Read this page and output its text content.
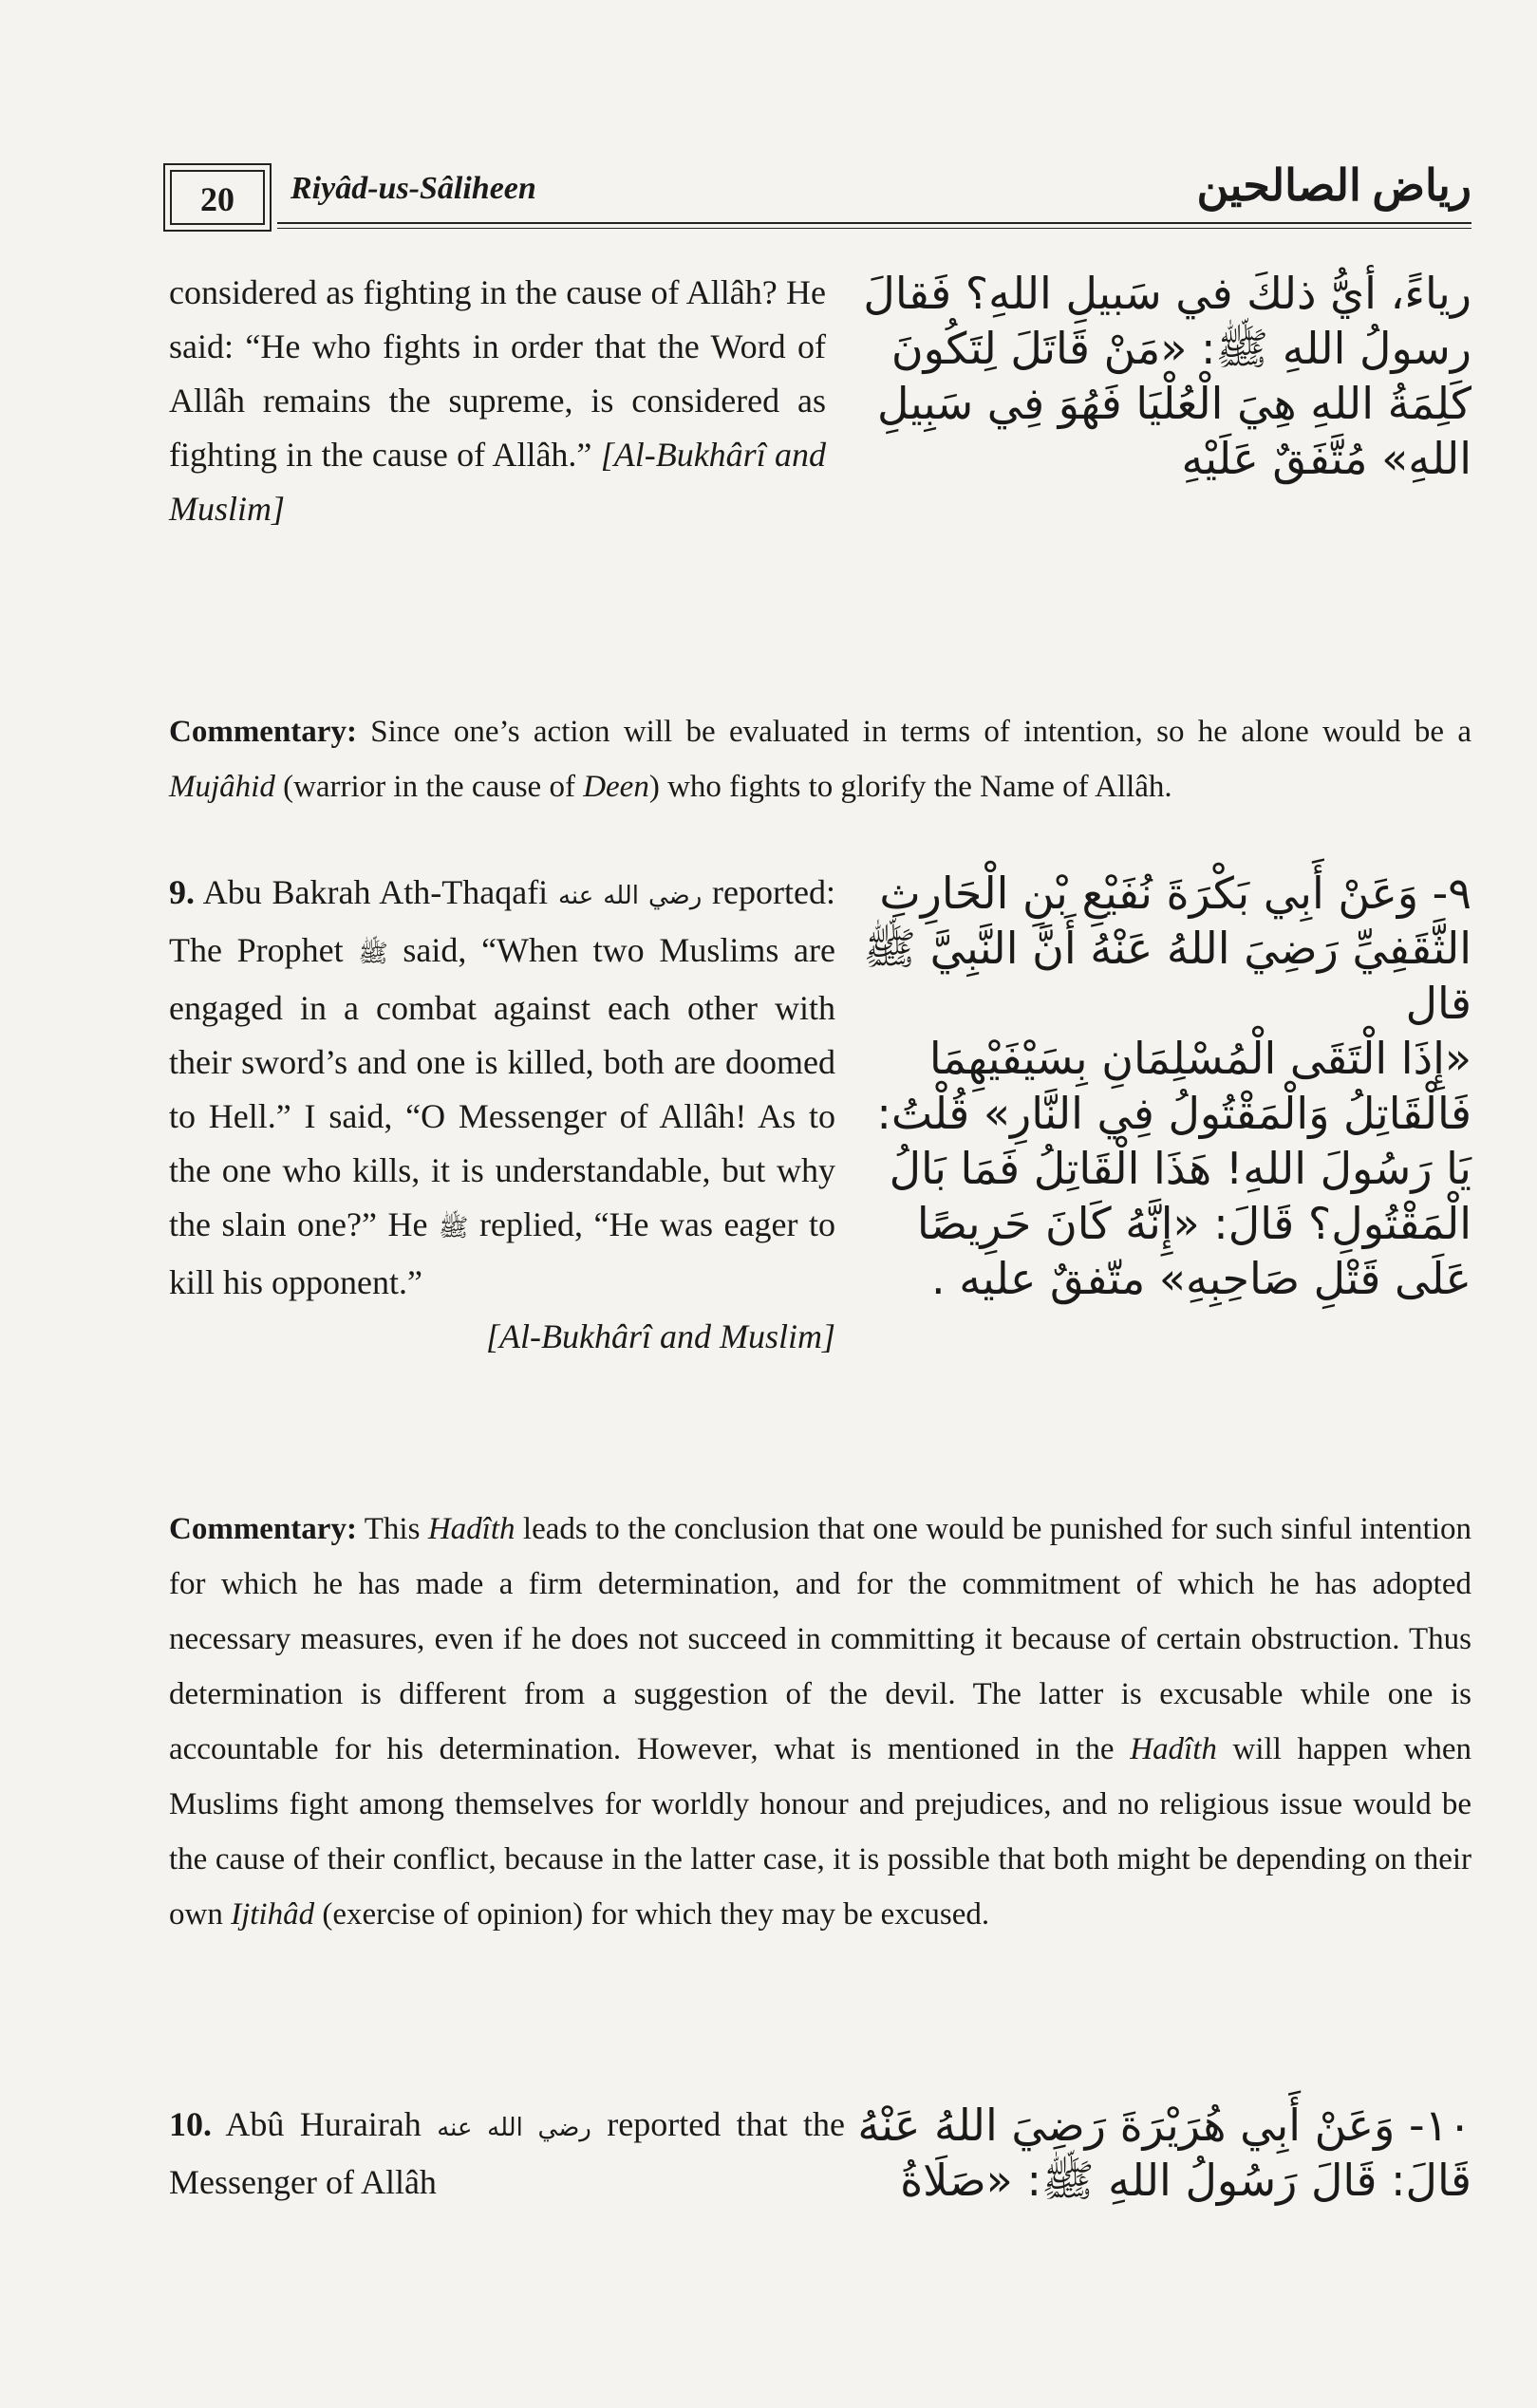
20	Riyâd-us-Sâliheen	رياض الصالحين

considered as fighting in the cause of Allâh? He said: “He who fights in order that the Word of Allâh remains the supreme, is considered as fighting in the cause of Allâh.” [Al-Bukhârî and Muslim]

رياءً، أيُّ ذلكَ في سَبيلِ اللهِ؟ فَقالَ

رسولُ اللهِ ﷺ: «مَنْ قَاتَلَ لِتَكُونَ

كَلِمَةُ اللهِ هِيَ الْعُلْيَا فَهُوَ فِي سَبِيلِ

اللهِ» مُتَّفَقٌ عَلَيْهِ

Commentary: Since one’s action will be evaluated in terms of intention, so he alone would be a Mujâhid (warrior in the cause of Deen) who fights to glorify the Name of Allâh.

9. Abu Bakrah Ath-Thaqafi رضي الله عنه reported: The Prophet ﷺ said, “When two Muslims are engaged in a combat against each other with their sword’s and one is killed, both are doomed to Hell.” I said, “O Messenger of Allâh! As to the one who kills, it is understandable, but why the slain one?” He ﷺ replied, “He was eager to kill his opponent.”

[Al-Bukhârî and Muslim]

٩- وَعَنْ أَبِي بَكْرَةَ نُفَيْعِ بْنِ الْحَارِثِ

الثَّقَفِيِّ رَضِيَ اللهُ عَنْهُ أَنَّ النَّبِيَّ ﷺ قال

«إِذَا الْتَقَى الْمُسْلِمَانِ بِسَيْفَيْهِمَا

فَالْقَاتِلُ وَالْمَقْتُولُ فِي النَّارِ» قُلْتُ:

يَا رَسُولَ اللهِ! هَذَا الْقَاتِلُ فَمَا بَالُ

الْمَقْتُولِ؟ قَالَ: «إِنَّهُ كَانَ حَرِيصًا

عَلَى قَتْلِ صَاحِبِهِ» متّفقٌ عليه .

Commentary: This Hadîth leads to the conclusion that one would be punished for such sinful intention for which he has made a firm determination, and for the commitment of which he has adopted necessary measures, even if he does not succeed in committing it because of certain obstruction. Thus determination is different from a suggestion of the devil. The latter is excusable while one is accountable for his determination. However, what is mentioned in the Hadîth will happen when Muslims fight among themselves for worldly honour and prejudices, and no religious issue would be the cause of their conflict, because in the latter case, it is possible that both might be depending on their own Ijtihâd (exercise of opinion) for which they may be excused.

10. Abû Hurairah رضي الله عنه reported that the Messenger of Allâh

١٠- وَعَنْ أَبِي هُرَيْرَةَ رَضِيَ اللهُ عَنْهُ

قَالَ: قَالَ رَسُولُ اللهِ ﷺ: «صَلَاةُ
